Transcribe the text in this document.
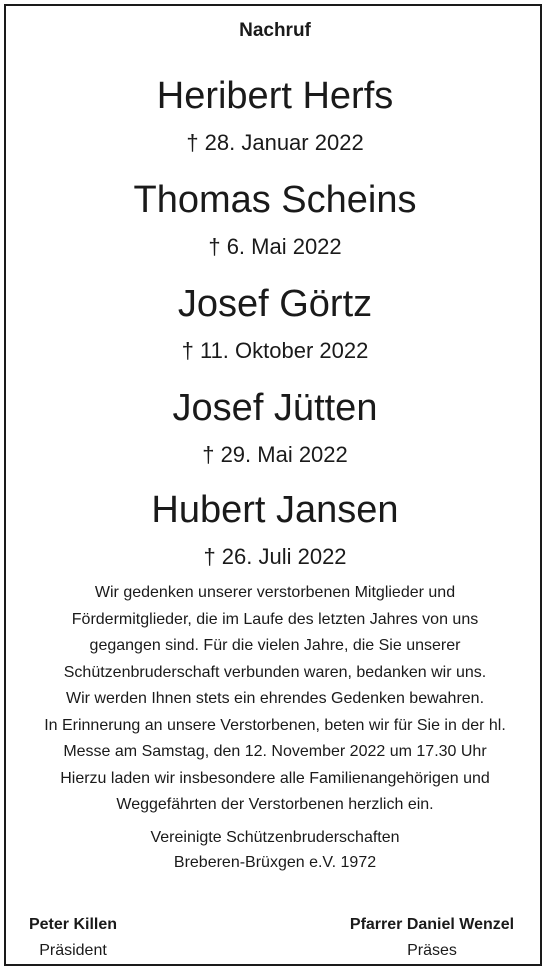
Nachruf
Heribert Herfs
† 28. Januar 2022
Thomas Scheins
† 6. Mai 2022
Josef Görtz
† 11. Oktober 2022
Josef Jütten
† 29. Mai 2022
Hubert Jansen
† 26. Juli 2022
Wir gedenken unserer verstorbenen Mitglieder und
Fördermitglieder, die im Laufe des letzten Jahres von uns
gegangen sind. Für die vielen Jahre, die Sie unserer
Schützenbruderschaft verbunden waren, bedanken wir uns.
Wir werden Ihnen stets ein ehrendes Gedenken bewahren.
In Erinnerung an unsere Verstorbenen, beten wir für Sie in der hl.
Messe am Samstag, den 12. November 2022 um 17.30 Uhr
Hierzu laden wir insbesondere alle Familienangehörigen und
Weggefährten der Verstorbenen herzlich ein.
Vereinigte Schützenbruderschaften
Breberen-Brüxgen e.V. 1972
Peter Killen
Präsident
Pfarrer Daniel Wenzel
Präses
